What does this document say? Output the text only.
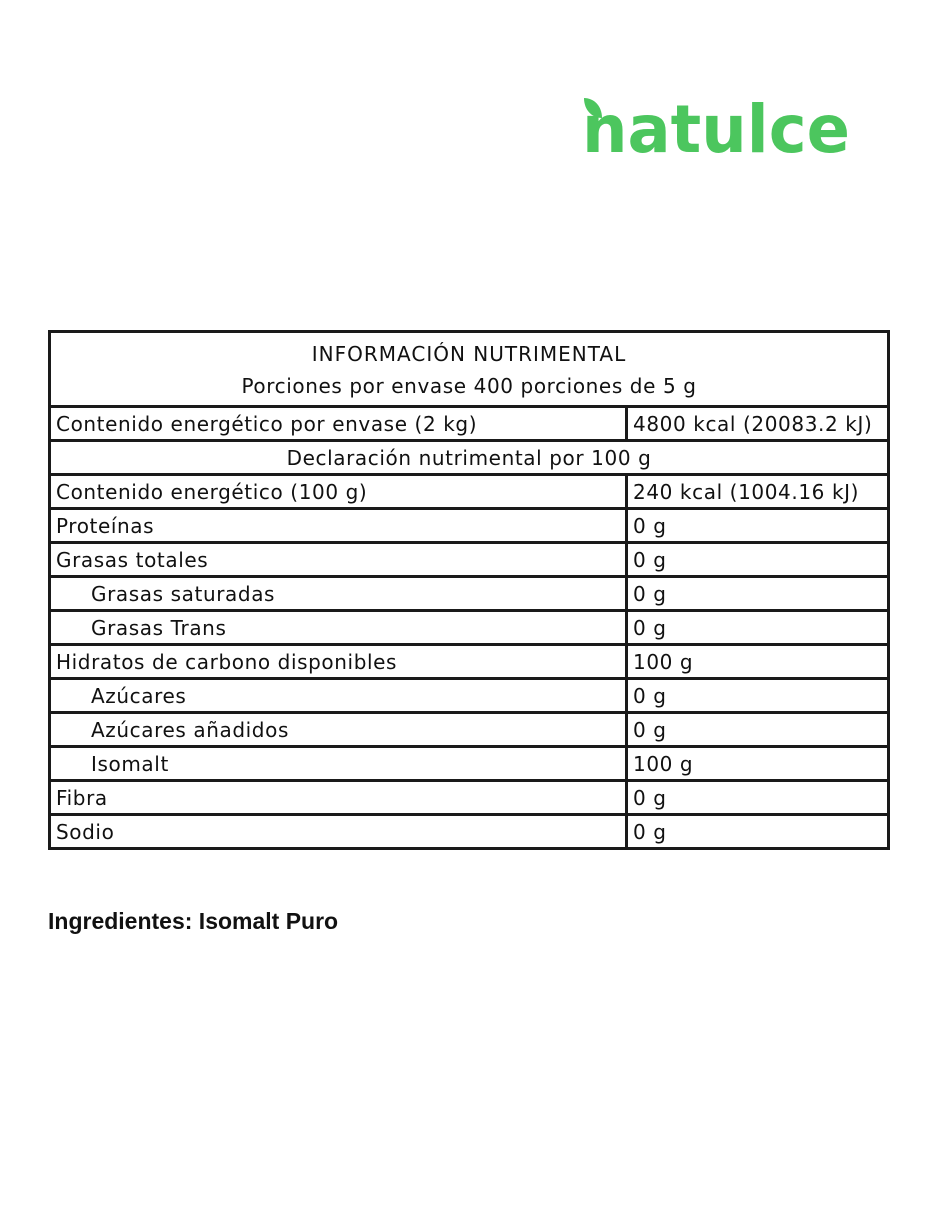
natulce
INFORMACIÓN NUTRIMENTAL
Porciones por envase 400 porciones de 5 g	

Contenido energético por envase (2 kg)	4800 kcal (20083.2 kJ)
Declaración nutrimental por 100 g	
Contenido energético (100 g)	240 kcal (1004.16 kJ)
Proteínas	0 g
Grasas totales	0 g
Grasas saturadas	0 g
Grasas Trans	0 g
Hidratos de carbono disponibles	100 g
Azúcares	0 g
Azúcares añadidos	0 g
Isomalt	100 g
Fibra	0 g
Sodio	0 g
Ingredientes: Isomalt Puro
